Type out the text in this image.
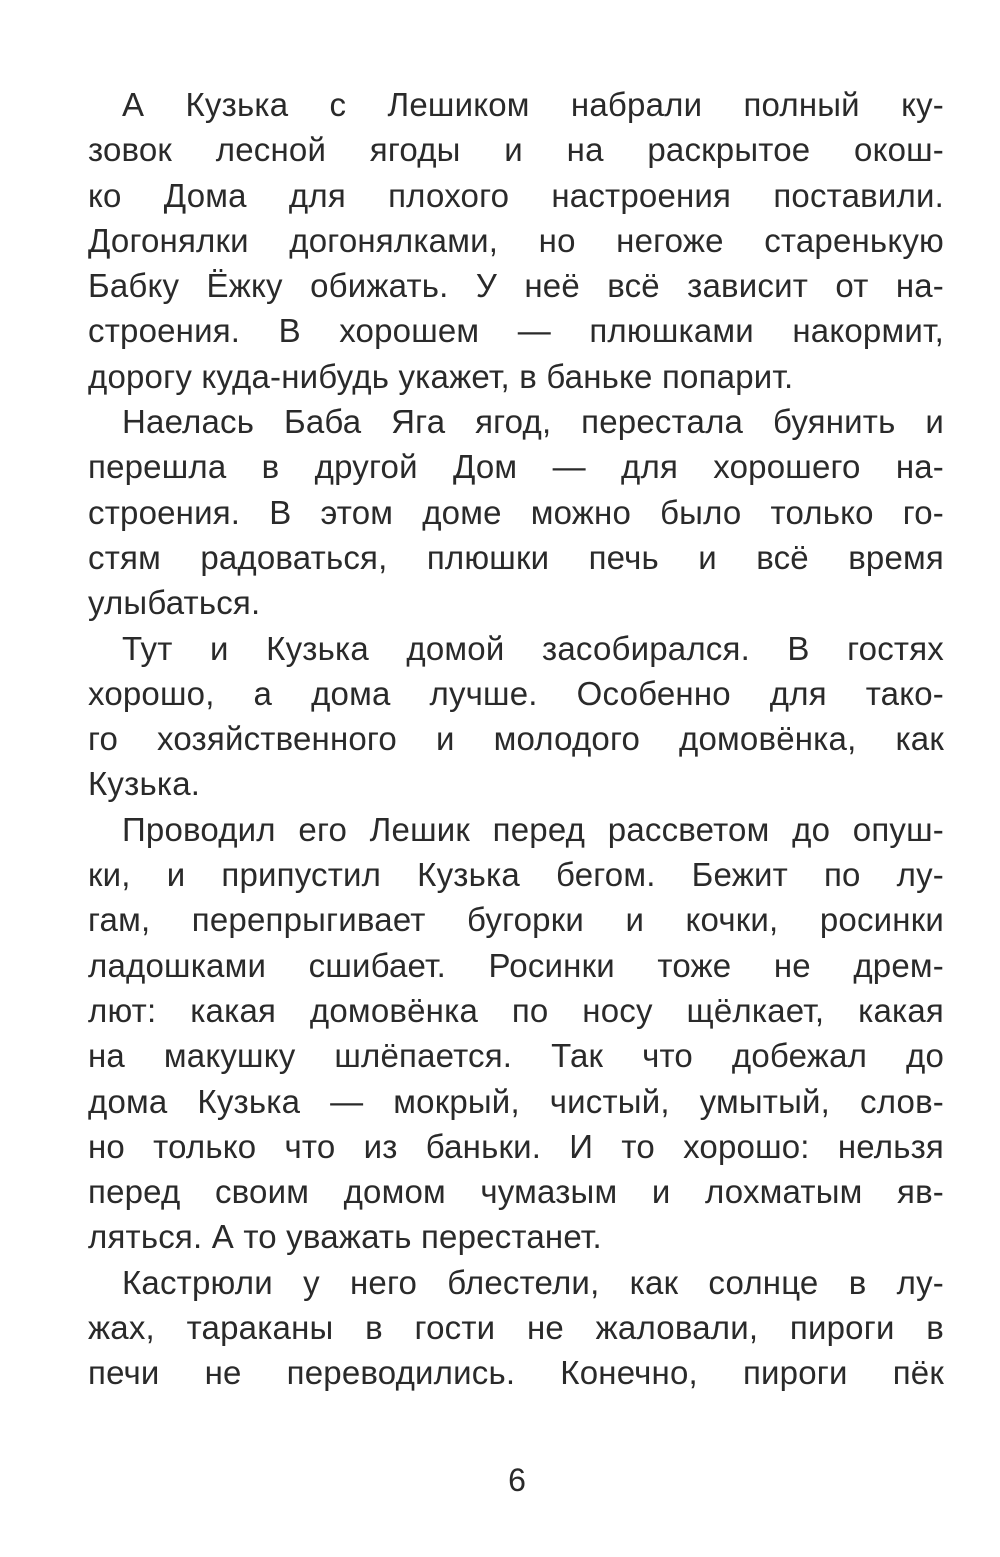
А Кузька с Лешиком набрали полный ку-
зовок лесной ягоды и на раскрытое окош-
ко Дома для плохого настроения поставили.
Догонялки догонялками, но негоже старенькую
Бабку Ёжку обижать. У неё всё зависит от на-
строения. В хорошем — плюшками накормит,
дорогу куда-нибудь укажет, в баньке попарит.
Наелась Баба Яга ягод, перестала буянить и
перешла в другой Дом — для хорошего на-
строения. В этом доме можно было только го-
стям радоваться, плюшки печь и всё время
улыбаться.
Тут и Кузька домой засобирался. В гостях
хорошо, а дома лучше. Особенно для тако-
го хозяйственного и молодого домовёнка, как
Кузька.
Проводил его Лешик перед рассветом до опуш-
ки, и припустил Кузька бегом. Бежит по лу-
гам, перепрыгивает бугорки и кочки, росинки
ладошками сшибает. Росинки тоже не дрем-
лют: какая домовёнка по носу щёлкает, какая
на макушку шлёпается. Так что добежал до
дома Кузька — мокрый, чистый, умытый, слов-
но только что из баньки. И то хорошо: нельзя
перед своим домом чумазым и лохматым яв-
ляться. А то уважать перестанет.
Кастрюли у него блестели, как солнце в лу-
жах, тараканы в гости не жаловали, пироги в
печи не переводились. Конечно, пироги пёк
6
